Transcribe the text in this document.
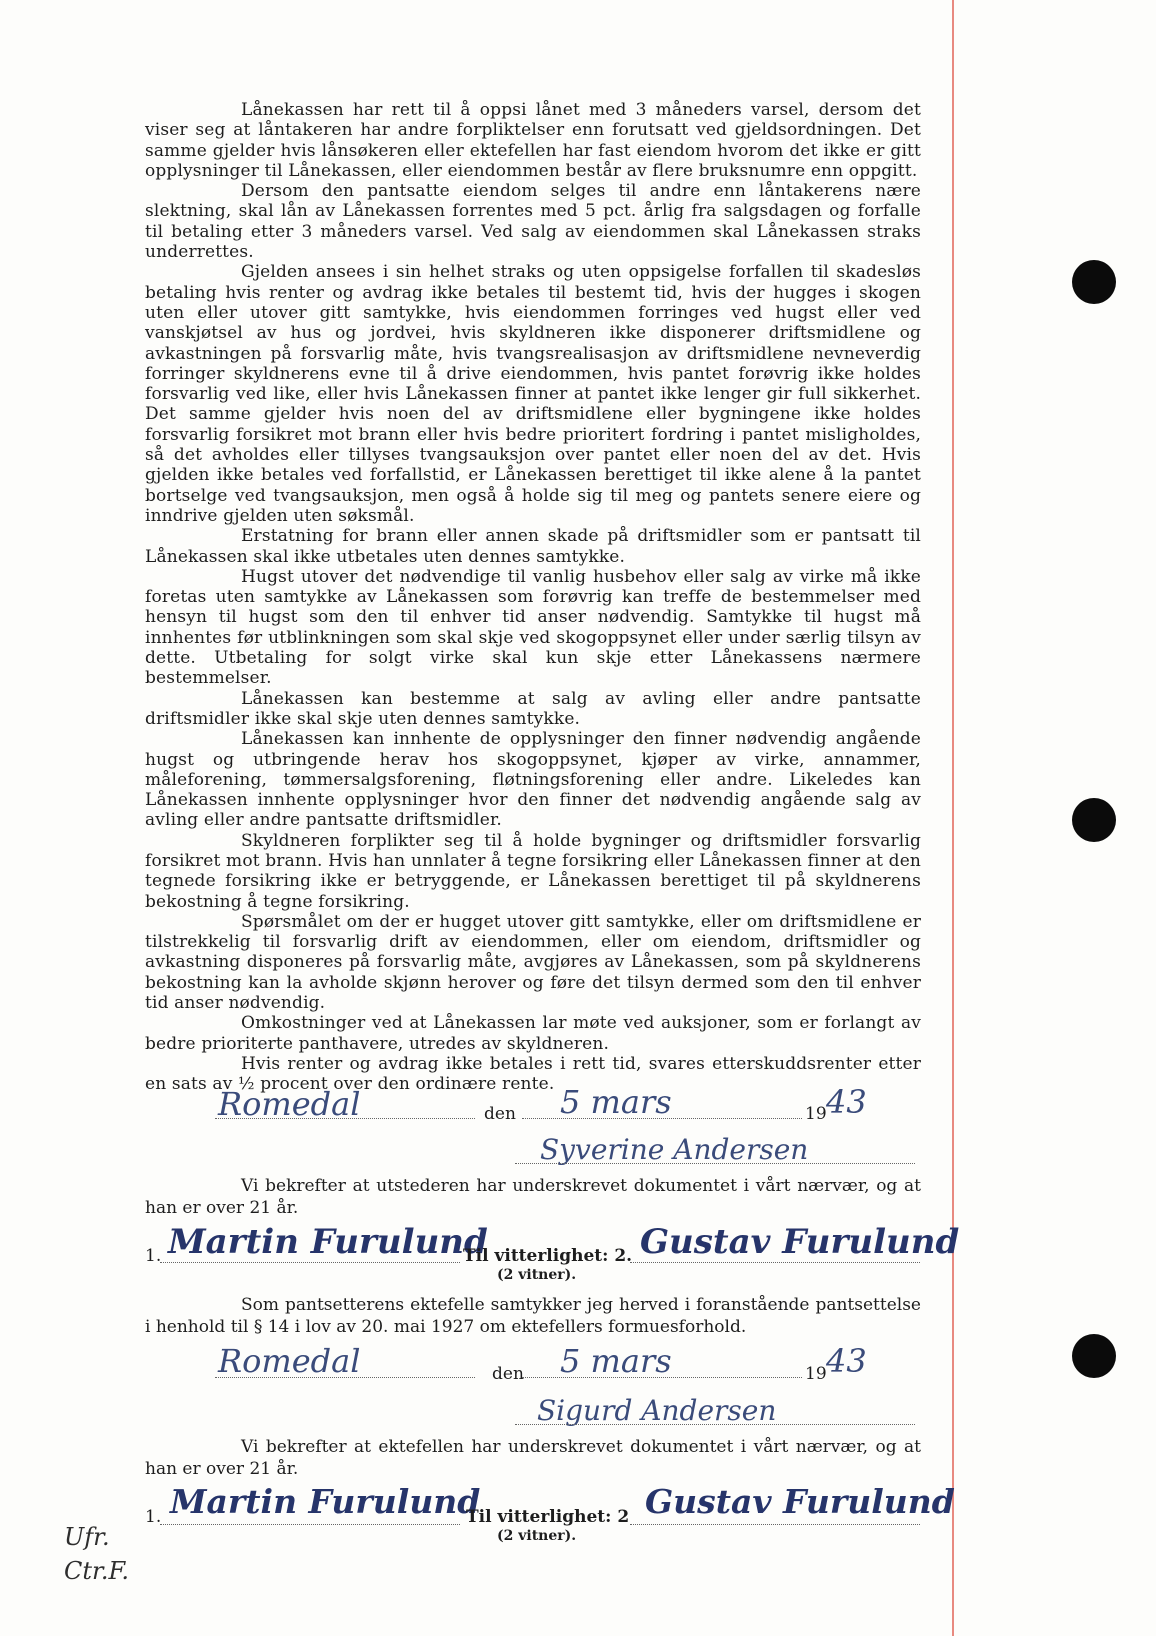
Lånekassen har rett til å oppsi lånet med 3 måneders varsel, dersom det viser seg at låntakeren har andre forpliktelser enn forutsatt ved gjeldsordningen. Det samme gjelder hvis lånsøkeren eller ektefellen har fast eiendom hvorom det ikke er gitt opplysninger til Lånekassen, eller eiendommen består av flere bruksnumre enn oppgitt.

Dersom den pantsatte eiendom selges til andre enn låntakerens nære slektning, skal lån av Lånekassen forrentes med 5 pct. årlig fra salgsdagen og forfalle til betaling etter 3 måneders varsel. Ved salg av eiendommen skal Lånekassen straks underrettes.

Gjelden ansees i sin helhet straks og uten oppsigelse forfallen til skadesløs betaling hvis renter og avdrag ikke betales til bestemt tid, hvis der hugges i skogen uten eller utover gitt samtykke, hvis eiendommen forringes ved hugst eller ved vanskjøtsel av hus og jordvei, hvis skyldneren ikke disponerer driftsmidlene og avkastningen på forsvarlig måte, hvis tvangsrealisasjon av driftsmidlene nevneverdig forringer skyldnerens evne til å drive eiendommen, hvis pantet forøvrig ikke holdes forsvarlig ved like, eller hvis Lånekassen finner at pantet ikke lenger gir full sikkerhet. Det samme gjelder hvis noen del av driftsmidlene eller bygningene ikke holdes forsvarlig forsikret mot brann eller hvis bedre prioritert fordring i pantet misligholdes, så det avholdes eller tillyses tvangsauksjon over pantet eller noen del av det. Hvis gjelden ikke betales ved forfallstid, er Lånekassen berettiget til ikke alene å la pantet bortselge ved tvangsauksjon, men også å holde sig til meg og pantets senere eiere og inndrive gjelden uten søksmål.

Erstatning for brann eller annen skade på driftsmidler som er pantsatt til Lånekassen skal ikke utbetales uten dennes samtykke.

Hugst utover det nødvendige til vanlig husbehov eller salg av virke må ikke foretas uten samtykke av Lånekassen som forøvrig kan treffe de bestemmelser med hensyn til hugst som den til enhver tid anser nødvendig. Samtykke til hugst må innhentes før utblinkningen som skal skje ved skogoppsynet eller under særlig tilsyn av dette. Utbetaling for solgt virke skal kun skje etter Lånekassens nærmere bestemmelser.

Lånekassen kan bestemme at salg av avling eller andre pantsatte driftsmidler ikke skal skje uten dennes samtykke.

Lånekassen kan innhente de opplysninger den finner nødvendig angående hugst og utbringende herav hos skogoppsynet, kjøper av virke, annammer, måleforening, tømmersalgsforening, fløtningsforening eller andre. Likeledes kan Lånekassen innhente opplysninger hvor den finner det nødvendig angående salg av avling eller andre pantsatte driftsmidler.

Skyldneren forplikter seg til å holde bygninger og driftsmidler forsvarlig forsikret mot brann. Hvis han unnlater å tegne forsikring eller Lånekassen finner at den tegnede forsikring ikke er betryggende, er Lånekassen berettiget til på skyldnerens bekostning å tegne forsikring.

Spørsmålet om der er hugget utover gitt samtykke, eller om driftsmidlene er tilstrekkelig til forsvarlig drift av eiendommen, eller om eiendom, driftsmidler og avkastning disponeres på forsvarlig måte, avgjøres av Lånekassen, som på skyldnerens bekostning kan la avholde skjønn herover og føre det tilsyn dermed som den til enhver tid anser nødvendig.

Omkostninger ved at Lånekassen lar møte ved auksjoner, som er forlangt av bedre prioriterte panthavere, utredes av skyldneren.

Hvis renter og avdrag ikke betales i rett tid, svares etterskuddsrenter etter en sats av ½ procent over den ordinære rente.

Romedal	den 5 mars	19 43
Syverine Andersen
Vi bekrefter at utstederen har underskrevet dokumentet i vårt nærvær, og at han er over 21 år.
1. Martin Furulund
Til vitterlighet: 2. Gustav Furulund
(2 vitner).
Som pantsetterens ektefelle samtykker jeg herved i foranstående pantsettelse i henhold til § 14 i lov av 20. mai 1927 om ektefellers formuesforhold.
Romedal	den 5 mars	19 43
Sigurd Andersen
Vi bekrefter at ektefellen har underskrevet dokumentet i vårt nærvær, og at han er over 21 år.
1. Martin Furulund
Til vitterlighet: 2 Gustav Furulund
(2 vitner).
Ufr. Ctr.F.
